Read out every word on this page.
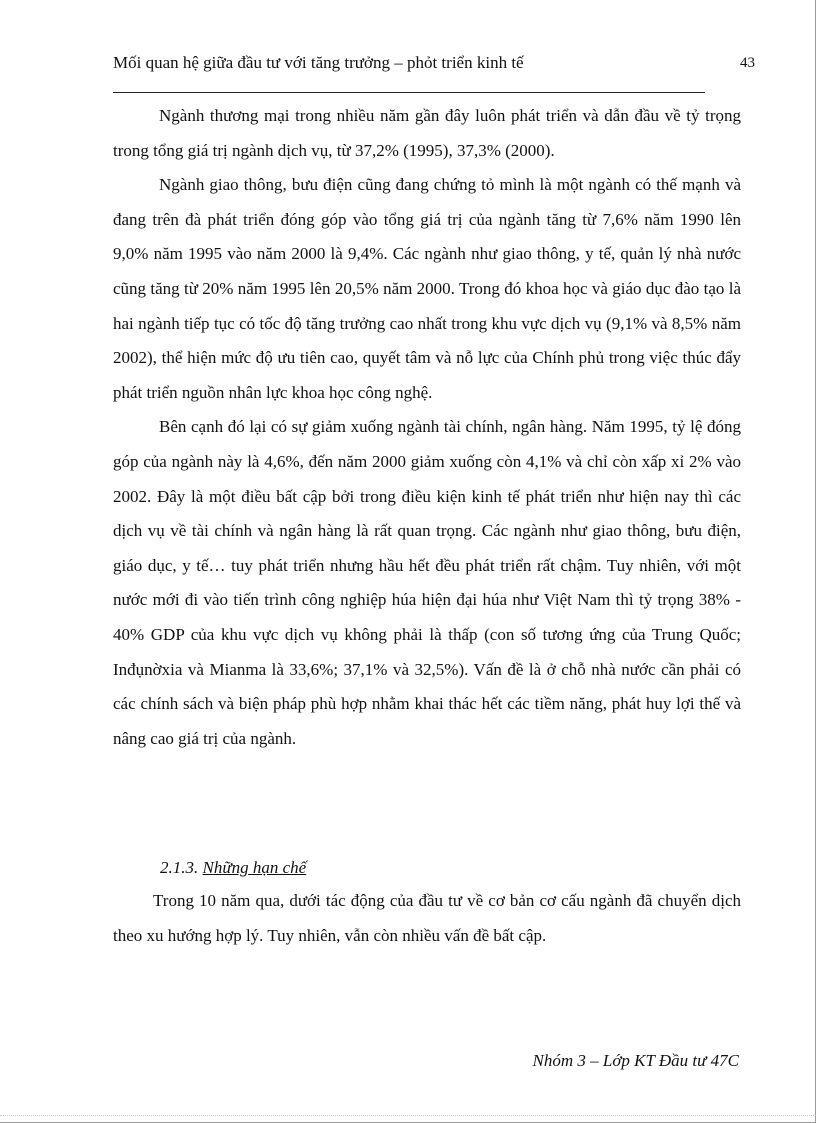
Mối quan hệ giữa đầu tư với tăng trưởng – phỏt triển kinh tế	43

Ngành thương mại trong nhiều năm gần đây luôn phát triển và dẫn đầu về tỷ trọng trong tổng giá trị ngành dịch vụ, từ 37,2% (1995), 37,3% (2000).

Ngành giao thông, bưu điện cũng đang chứng tỏ mình là một ngành có thế mạnh và đang trên đà phát triển đóng góp vào tổng giá trị của ngành tăng từ 7,6% năm 1990 lên 9,0% năm 1995 vào năm 2000 là 9,4%. Các ngành như giao thông, y tế, quản lý nhà nước cũng tăng từ 20% năm 1995 lên 20,5% năm 2000. Trong đó khoa học và giáo dục đào tạo là hai ngành tiếp tục có tốc độ tăng trưởng cao nhất trong khu vực dịch vụ (9,1% và 8,5% năm 2002), thể hiện mức độ ưu tiên cao, quyết tâm và nỗ lực của Chính phủ trong việc thúc đẩy phát triển nguồn nhân lực khoa học công nghệ.

Bên cạnh đó lại có sự giảm xuống ngành tài chính, ngân hàng. Năm 1995, tỷ lệ đóng góp của ngành này là 4,6%, đến năm 2000 giảm xuống còn 4,1% và chỉ còn xấp xỉ 2% vào 2002. Đây là một điều bất cập bởi trong điều kiện kinh tế phát triển như hiện nay thì các dịch vụ về tài chính và ngân hàng là rất quan trọng. Các ngành như giao thông, bưu điện, giáo dục, y tế… tuy phát triển nhưng hầu hết đều phát triển rất chậm. Tuy nhiên, với một nước mới đi vào tiến trình công nghiệp húa hiện đại húa như Việt Nam thì tỷ trọng 38% - 40% GDP của khu vực dịch vụ không phải là thấp (con số tương ứng của Trung Quốc; Inđụnờxia và Mianma là 33,6%; 37,1% và 32,5%). Vấn đề là ở chỗ nhà nước cần phải có các chính sách và biện pháp phù hợp nhằm khai thác hết các tiềm năng, phát huy lợi thế và nâng cao giá trị của ngành.

2.1.3. Những hạn chế

Trong 10 năm qua, dưới tác động của đầu tư về cơ bản cơ cấu ngành đã chuyển dịch theo xu hướng hợp lý. Tuy nhiên, vẫn còn nhiều vấn đề bất cập.

Nhóm 3 – Lớp KT Đầu tư 47C
